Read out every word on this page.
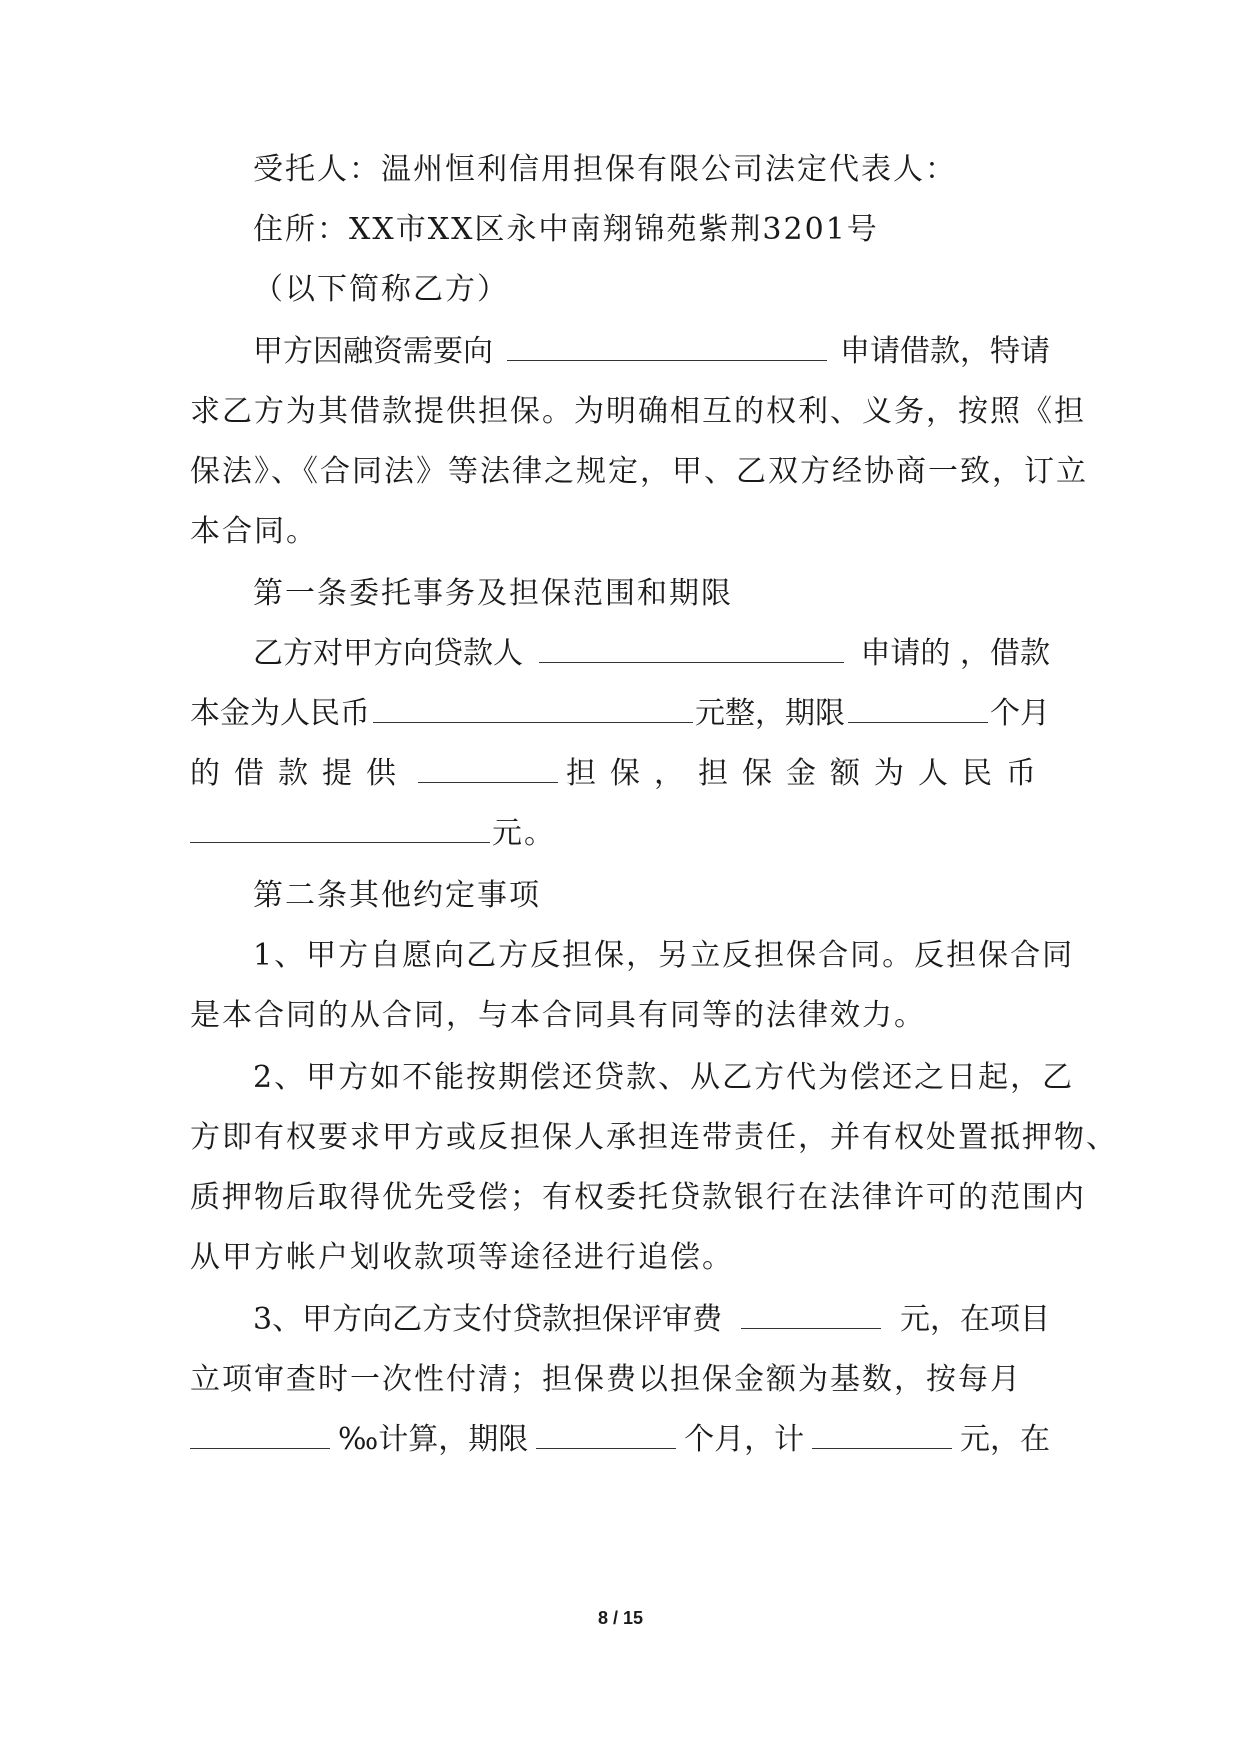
受托人：温州恒利信用担保有限公司法定代表人：
住所：XX市XX区永中南翔锦苑紫荆3201号
（以下简称乙方）
甲方因融资需要向	申请借款，特请
求乙方为其借款提供担保。为明确相互的权利、义务，按照《担
保法》、《合同法》等法律之规定，甲、乙双方经协商一致，订立
本合同。
第一条委托事务及担保范围和期限
乙方对甲方向贷款人	申请的 ，借款
本金为人民币	元整，期限	个月
的借款提供	担保，担保金额为人民币
元。
第二条其他约定事项
1、甲方自愿向乙方反担保，另立反担保合同。反担保合同
是本合同的从合同，与本合同具有同等的法律效力。
2、甲方如不能按期偿还贷款、从乙方代为偿还之日起，乙
方即有权要求甲方或反担保人承担连带责任，并有权处置抵押物、
质押物后取得优先受偿；有权委托贷款银行在法律许可的范围内
从甲方帐户划收款项等途径进行追偿。
3、甲方向乙方支付贷款担保评审费	元，在项目
立项审查时一次性付清；担保费以担保金额为基数，按每月
‰计算，期限	个月，计	元，在
8 / 15
